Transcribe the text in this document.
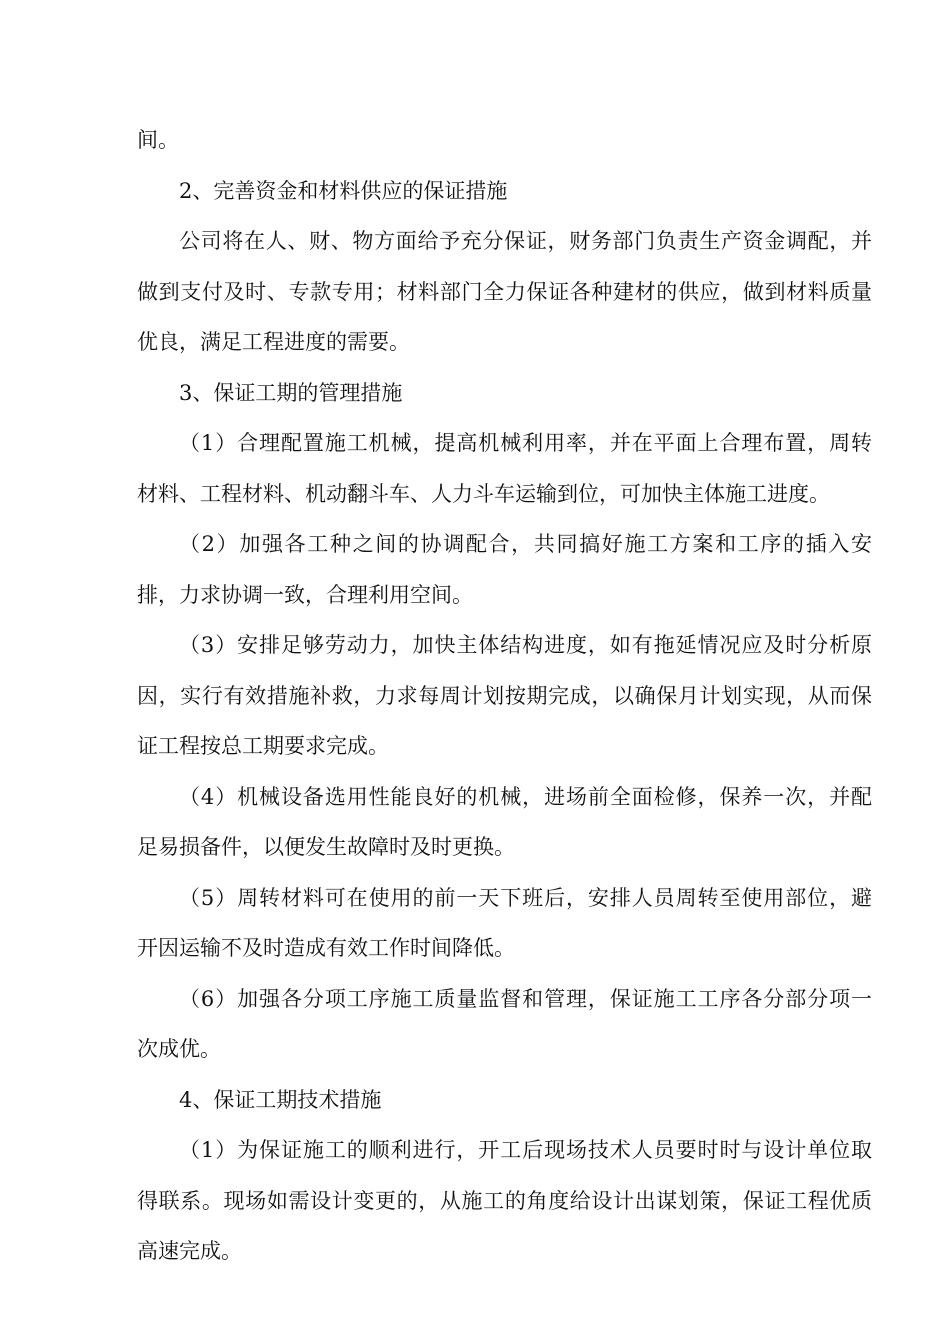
间。
2、完善资金和材料供应的保证措施
公司将在人、财、物方面给予充分保证，财务部门负责生产资金调配，并
做到支付及时、专款专用；材料部门全力保证各种建材的供应，做到材料质量
优良，满足工程进度的需要。
3、保证工期的管理措施
（1）合理配置施工机械，提高机械利用率，并在平面上合理布置，周转
材料、工程材料、机动翻斗车、人力斗车运输到位，可加快主体施工进度。
（2）加强各工种之间的协调配合，共同搞好施工方案和工序的插入安
排，力求协调一致，合理利用空间。
（3）安排足够劳动力，加快主体结构进度，如有拖延情况应及时分析原
因，实行有效措施补救，力求每周计划按期完成，以确保月计划实现，从而保
证工程按总工期要求完成。
（4）机械设备选用性能良好的机械，进场前全面检修，保养一次，并配
足易损备件，以便发生故障时及时更换。
（5）周转材料可在使用的前一天下班后，安排人员周转至使用部位，避
开因运输不及时造成有效工作时间降低。
（6）加强各分项工序施工质量监督和管理，保证施工工序各分部分项一
次成优。
4、保证工期技术措施
（1）为保证施工的顺利进行，开工后现场技术人员要时时与设计单位取
得联系。现场如需设计变更的，从施工的角度给设计出谋划策，保证工程优质
高速完成。
